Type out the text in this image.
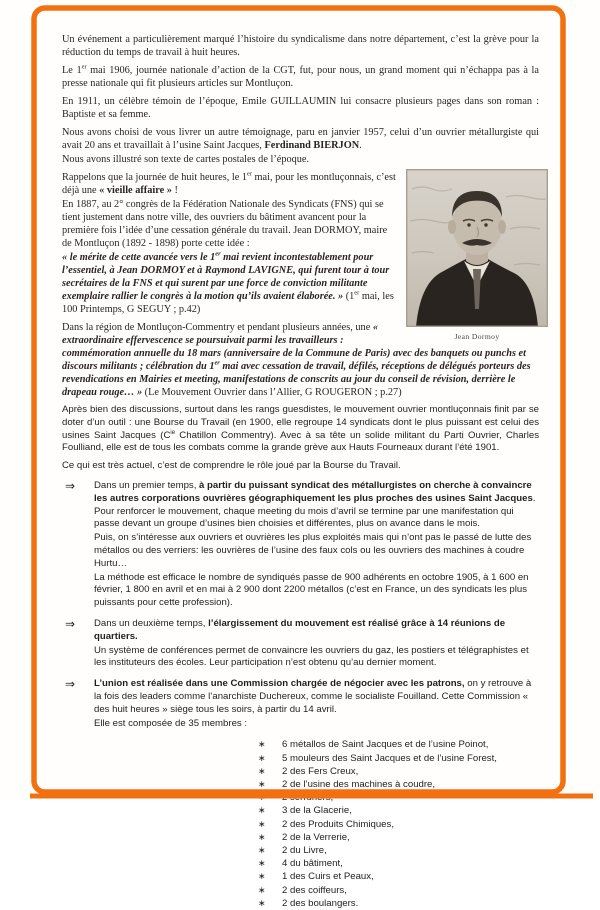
Un événement a particulièrement marqué l’histoire du syndicalisme dans notre département, c’est la grève pour la réduction du temps de travail à huit heures.

Le 1er mai 1906, journée nationale d’action de la CGT, fut, pour nous, un grand moment qui n’échappa pas à la presse nationale qui fit plusieurs articles sur Montluçon.

En 1911, un célèbre témoin de l’époque, Emile GUILLAUMIN lui consacre plusieurs pages dans son roman : Baptiste et sa femme.

Nous avons choisi de vous livrer un autre témoignage, paru en janvier 1957, celui d’un ouvrier métallurgiste qui avait 20 ans et travaillait à l’usine Saint Jacques, Ferdinand BIERJON.

Nous avons illustré son texte de cartes postales de l’époque.

Jean Dormoy

Rappelons que la journée de huit heures, le 1er mai, pour les montluçonnais, c’est déjà une « vieille affaire » !

En 1887, au 2° congrès de la Fédération Nationale des Syndicats (FNS) qui se tient justement dans notre ville, des ouvriers du bâtiment avancent pour la première fois l’idée d’une cessation générale du travail. Jean DORMOY, maire de Montluçon (1892 - 1898) porte cette idée :

« le mérite de cette avancée vers le 1er mai revient incontestablement pour l’essentiel, à Jean DORMOY et à Raymond LAVIGNE, qui furent tour à tour secrétaires de la FNS et qui surent par une force de conviction militante exemplaire rallier le congrès à la motion qu’ils avaient élaborée. » (1er mai, les 100 Printemps, G SEGUY ; p.42)

Dans la région de Montluçon-Commentry et pendant plusieurs années, une « extraordinaire effervescence se poursuivait parmi les travailleurs : commémoration annuelle du 18 mars (anniversaire de la Commune de Paris) avec des banquets ou punchs et discours militants ; célébration du 1er mai avec cessation de travail, défilés, réceptions de délégués porteurs des revendications en Mairies et meeting, manifestations de conscrits au jour du conseil de révision, derrière le drapeau rouge… » (Le Mouvement Ouvrier dans l’Allier, G ROUGERON ; p.27)

Après bien des discussions, surtout dans les rangs guesdistes, le mouvement ouvrier montluçonnais finit par se doter d’un outil : une Bourse du Travail (en 1900, elle regroupe 14 syndicats dont le plus puissant est celui des usines Saint Jacques ($C^{ie}$ Chatillon Commentry). Avec à sa tête un solide militant du Parti Ouvrier, Charles Foulliand, elle est de tous les combats comme la grande grève aux Hauts Fourneaux durant l’été 1901.

Ce qui est très actuel, c’est de comprendre le rôle joué par la Bourse du Travail.

⇒	Dans un premier temps, à partir du puissant syndicat des métallurgistes on cherche à convaincre les autres corporations ouvrières géographiquement les plus proches des usines Saint Jacques. Pour renforcer le mouvement, chaque meeting du mois d’avril se termine par une manifestation qui passe devant un groupe d’usines bien choisies et différentes, plus on avance dans le mois.

Puis, on s’intéresse aux ouvriers et ouvrières les plus exploités mais qui n’ont pas le passé de lutte des métallos ou des verriers: les ouvrières de l’usine des faux cols ou les ouvriers des machines à coudre Hurtu…

La méthode est efficace le nombre de syndiqués passe de 900 adhérents en octobre 1905, à 1 600 en février, 1 800 en avril et en mai à 2 900 dont 2200 métallos (c’est en France, un des syndicats les plus puissants pour cette profession).

⇒	Dans un deuxième temps, l’élargissement du mouvement est réalisé grâce à 14 réunions de quartiers.

Un système de conférences permet de convaincre les ouvriers du gaz, les postiers et télégraphistes et les instituteurs des écoles. Leur participation n’est obtenu qu’au dernier moment.

⇒	L’union est réalisée dans une Commission chargée de négocier avec les patrons, on y retrouve à la fois des leaders comme l’anarchiste Duchereux, comme le socialiste Fouilland. Cette Commission « des huit heures » siège tous les soirs, à partir du 14 avril.

Elle est composée de 35 membres :

∗	6 métallos de Saint Jacques et de l’usine Poinot,
∗	5 mouleurs des Saint Jacques et de l’usine Forest,
∗	2 des Fers Creux,
∗	2 de l’usine des machines à coudre,
∗	2 serruriers,
∗	3 de la Glacerie,
∗	2 des Produits Chimiques,
∗	2 de la Verrerie,
∗	2 du Livre,
∗	4 du bâtiment,
∗	1 des Cuirs et Peaux,
∗	2 des coiffeurs,
∗	2 des boulangers.
